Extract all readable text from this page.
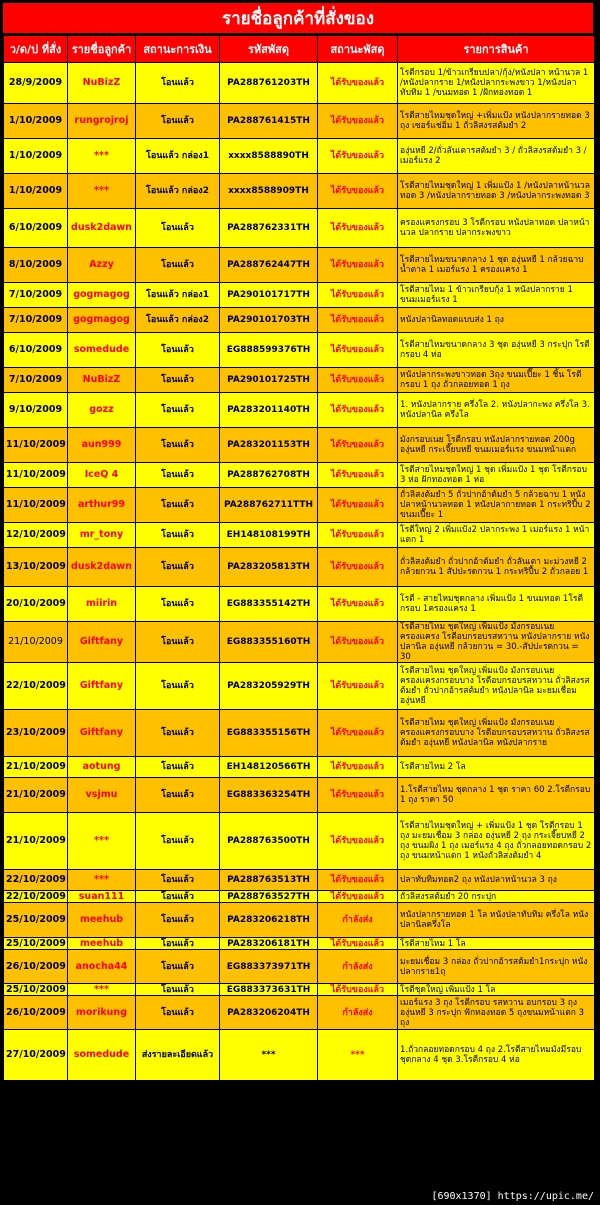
รายชื่อลูกค้าที่สั่งของ
ว/ด/ป ที่สั่ง	รายชื่อลูกค้า	สถานะการเงิน	รหัสพัสดุ	สถานะพัสดุ	รายการสินค้า
28/9/2009	NuBizZ	โอนแล้ว	PA288761203TH	ได้รับของแล้ว	โรตีกรอบ 1/ข้าวเกรียบปลา/กุ้ง/หนังปลา หน้านวล 1 /หนังปลากราย 1/หนังปลากระพงขาว 1/หนังปลาทับทิม 1 /ขนมทอด 1 /ฝักทองทอด 1
1/10/2009	rungrojroj	โอนแล้ว	PA288761415TH	ได้รับของแล้ว	โรตีสายไหมชุดใหญ่ +เพิ่มแป้ง หนังปลากรายทอด 3 ถุง เซอร์แช่อิ่ม 1 ถั่วลิสงรสต้มยำ 2
1/10/2009	***	โอนแล้ว กล่อง1	xxxx8588890TH	ได้รับของแล้ว	องุ่นหยี 2/ถั่วลันเตารสต้มยำ 3 / ถั่วลิสงรสต้มยำ 3 /เมอร์แรง 2
1/10/2009	***	โอนแล้ว กล่อง2	xxxx8588909TH	ได้รับของแล้ว	โรตีสายไหมชุดใหญ่ 1 เพิ่มแป้ง 1 /หนังปลาหน้านวลทอด 3 /หนังปลากรายทอด 3 /หนังปลากระพงทอด 3
6/10/2009	dusk2dawn	โอนแล้ว	PA288762331TH	ได้รับของแล้ว	ครองแครงกรอบ 3 โรตีกรอบ หนังปลาทอด ปลาหน้านวล ปลากราย ปลากระพงขาว
8/10/2009	Azzy	โอนแล้ว	PA288762447TH	ได้รับของแล้ว	โรตีสายไหมขนาดกลาง 1 ชุด องุ่นหยี 1 กล้วยฉาบน้ำตาล 1 เมอร์แรง 1 ครองแครง 1
7/10/2009	gogmagog	โอนแล้ว กล่อง1	PA290101717TH	ได้รับของแล้ว	โรตีสายไหม 1 ข้าวเกรียบกุ้ง 1 หนังปลากราย 1 ขนมเมอร์แรง 1
7/10/2009	gogmagog	โอนแล้ว กล่อง2	PA290101703TH	ได้รับของแล้ว	หนังปลานิลทอดแบบส่ง 1 ถุง
6/10/2009	somedude	โอนแล้ว	EG888599376TH	ได้รับของแล้ว	โรตีสายไหมขนาดกลาง 3 ชุด องุ่นหยี 3 กระปุก โรตีกรอบ 4 ห่อ
7/10/2009	NuBizZ	โอนแล้ว	PA290101725TH	ได้รับของแล้ว	หนังปลากระพงขาวทอด 3ถุง ขนมเปี๊ยะ 1 ชิ้น โรตีกรอบ 1 ถุง ถั่วกลอยทอด 1 ถุง
9/10/2009	gozz	โอนแล้ว	PA283201140TH	ได้รับของแล้ว	1. หนังปลากราย ครึ่งโล 2. หนังปลากะพง ครึ่งโล 3. หนังปลานิล ครึ่งโล
11/10/2009	aun999	โอนแล้ว	PA283201153TH	ได้รับของแล้ว	มังกรอบเนย โรตีกรอบ หนังปลากรายทอด 200g องุ่นหยี กระเจี๊ยบหยี ขนมเมอร์แรง ขนมหน้าแตก
11/10/2009	IceQ 4	โอนแล้ว	PA288762708TH	ได้รับของแล้ว	โรตีสายไหมชุดใหญ่ 1 ชุด เพิ่มแป้ง 1 ชุด โรตีกรอบ 3 ห่อ ฝักทองทอด 1 ห่อ
11/10/2009	arthur99	โอนแล้ว	PA288762711TTH	ได้รับของแล้ว	ถั่วลิสงต้มยำ 5 ถั่วปากอ้าต้มยำ 5 กล้วยฉาบ 1 หนังปลาหน้านวลทอด 1 หนังปลากายทอด 1 กระทริปี้บ 2 ขนมเปี๊ยะ 1
12/10/2009	mr_tony	โอนแล้ว	EH148108199TH	ได้รับของแล้ว	โรตีใหญ่ 2 เพิ่มแป้ง2 ปลากระพง 1 เมอร์แรง 1 หน้าแตก 1
13/10/2009	dusk2dawn	โอนแล้ว	PA283205813TH	ได้รับของแล้ว	ถั่วลิสงต้มยำ ถั่วปากอ้าต้มยำ ถั่วลันเตา มะม่วงหยี 2 กล้วยกวน 1 สัปปะรดกวน 1 กระทริปี้บ 2 ถั่วกลอย 1
20/10/2009	miirin	โอนแล้ว	EG883355142TH	ได้รับของแล้ว	โรตี - สายไหมชุดกลาง เพิ่มแป้ง 1 ขนมทอด 1โรตีกรอบ 1ครองแครง 1
21/10/2009	Giftfany	โอนแล้ว	EG883355160TH	ได้รับของแล้ว	โรตีสายไหม ชุดใหญ่ เพิ่มแป้ง มังกรอบเนย ครองแครง โรตีอบกรอบรสหวาน หนังปลากราย หนังปลานิล องุ่นหยี กล้วยกวน = 30.-สัปปะรดกวน = 30
22/10/2009	Giftfany	โอนแล้ว	PA283205929TH	ได้รับของแล้ว	โรตีสายไหม ชุดใหญ่ เพิ่มแป้ง มังกรอบเนย ครองแครงกรอบบาง โรตีอบกรอบรสหวาน ถั่วลิสงรสต้มยำ ถั่วปากอ้ารสต้มยำ หนังปลานิล มะยมเชื่อม องุ่นหยี
23/10/2009	Giftfany	โอนแล้ว	EG883355156TH	ได้รับของแล้ว	โรตีสายไหม ชุดใหญ่ เพิ่มแป้ง มังกรอบเนย ครองแครงกรอบบาง โรตีอบกรอบรสหวาน ถั่วลิสงรสต้มยำ องุ่นหยี หนังปลานิล หนังปลากราย
21/10/2009	aotung	โอนแล้ว	EH148120566TH	ได้รับของแล้ว	โรตีสายไหม 2 โล
21/10/2009	vsjmu	โอนแล้ว	EG883363254TH	ได้รับของแล้ว	1.โรตีสายไหม ชุดกลาง 1 ชุด ราคา 60 2.โรตีกรอบ 1 ถุง ราคา 50
21/10/2009	***	โอนแล้ว	PA288763500TH	ได้รับของแล้ว	โรตีสายไหมชุดใหญ่ + เพิ่มแป้ง 1 ชุด โรตีกรอบ 1 ถุง มะยมเชื่อม 3 กล่อง องุ่นหยี 2 ถุง กระเจี๊ยบหยี 2 ถุง ขนมผิง 1 ถุง เมอร์แรง 4 ถุง ถั่วกลอยทอดกรอบ 2 ถุง ขนมหน้าแตก 1 หนังถั่วลิสงต้มยำ 4
22/10/2009	***	โอนแล้ว	PA288763513TH	ได้รับของแล้ว	ปลาทับทิมทอด2 ถุง หนังปลาหน้านวล 3 ถุง
22/10/2009	suan111	โอนแล้ว	PA288763527TH	ได้รับของแล้ว	ถั่วลิสงรสต้มยำ 20 กระปุก
25/10/2009	meehub	โอนแล้ว	PA283206218TH	กำลังส่ง	หนังปลากรายทอด 1 โล หนังปลาทับทิม ครึ่งโล หนังปลานิลครึ่งโล
25/10/2009	meehub	โอนแล้ว	PA283206181TH	ได้รับของแล้ว	โรตีสายไหม 1 โล
26/10/2009	anocha44	โอนแล้ว	EG883373971TH	กำลังส่ง	มะยมเชื่อม 3 กล่อง ถั่วปากอ้ารสต้มยำ1กระปุก หนังปลากราย1ถุ
25/10/2009	***	โอนแล้ว	EG883373631TH	ได้รับของแล้ว	โรตีชุดใหญ่ เพิ่มแป้ง 1 โล
26/10/2009	morikung	โอนแล้ว	PA283206204TH	กำลังส่ง	เมอร์แรง 3 ถุง โรตีกรอบ รสหวาน อบกรอบ 3 ถุง องุ่นหยี 3 กระปุก ฟักทองทอด 5 ถุงขนมหน้าแตก 3 ถุง
27/10/2009	somedude	ส่งรายละเอียดแล้ว	***	***	1.ถั่วกลอยทอดกรอบ 4 ถุง 2.โรตีสายไหมมังมีรอบชุดกลาง 4 ชุด 3.โรตีกรอบ 4 ห่อ
[690x1370] https://upic.me/
